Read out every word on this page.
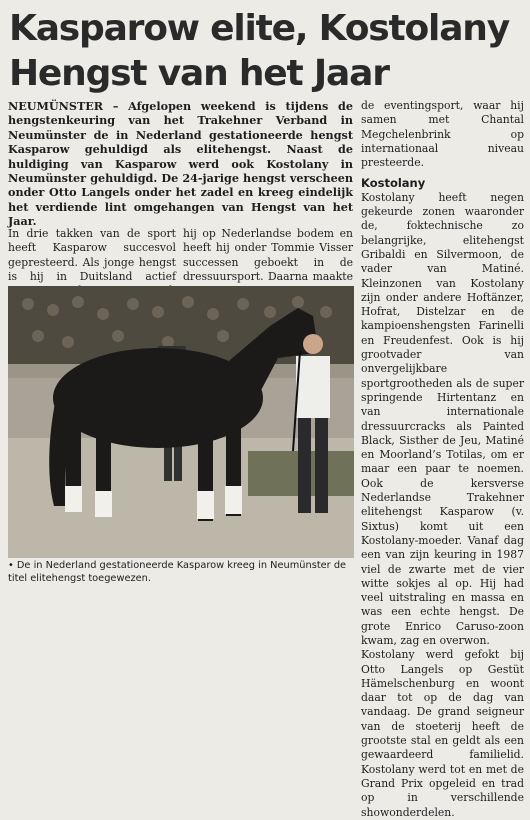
Kasparow elite, Kostolany
Hengst van het Jaar

NEUMÜNSTER – Afgelopen weekend is tijdens de hengstenkeuring van het Trakehner Verband in Neumünster de in Nederland gestationeerde hengst Kasparow gehuldigd als elitehengst. Naast de huldiging van Kasparow werd ook Kostolany in Neumünster gehuldigd. De 24-jarige hengst verscheen onder Otto Langels onder het zadel en kreeg eindelijk het verdiende lint omgehangen van Hengst van het Jaar.

In drie takken van de sport heeft Kasparow succesvol gepresteerd. Als jonge hengst is hij in Duitsland actief

hij op Nederlandse bodem en heeft hij onder Tommie Visser successen geboekt in de dressuursport. Daarna maakte

de eventingsport, waar hij samen met Chantal Megchelenbrink op internationaal niveau presteerde.

Kostolany

Kostolany heeft negen gekeurde zonen waaronder de, foktechnische zo belangrijke, elitehengst Gribaldi en Silvermoon, de vader van Matiné. Kleinzonen van Kostolany zijn onder andere Hoftänzer, Hofrat, Distelzar en de kampioenshengsten Farinelli en Freudenfest. Ook is hij grootvader van onvergelijkbare sportgrootheden als de super springende Hirtentanz en van internationale dressuurcracks als Painted Black, Sisther de Jeu, Matiné en Moorland’s Totilas, om er maar een paar te noemen. Ook de kersverse Nederlandse Trakehner elitehengst Kasparow (v. Sixtus) komt uit een Kostolany-moeder. Vanaf dag een van zijn keuring in 1987 viel de zwarte met de vier witte sokjes al op. Hij had veel uitstraling en massa en was een echte hengst. De grote Enrico Caruso-zoon kwam, zag en overwon.

Kostolany werd gefokt bij Otto Langels op Gestüt Hämelschenburg en woont daar tot op de dag van vandaag. De grand seigneur van de stoeterij heeft de grootste stal en geldt als een gewaardeerd familielid. Kostolany werd tot en met de Grand Prix opgeleid en trad op in verschillende showonderdelen.

• De in Nederland gestationeerde Kasparow kreeg in Neumünster de titel elitehengst toegewezen.
